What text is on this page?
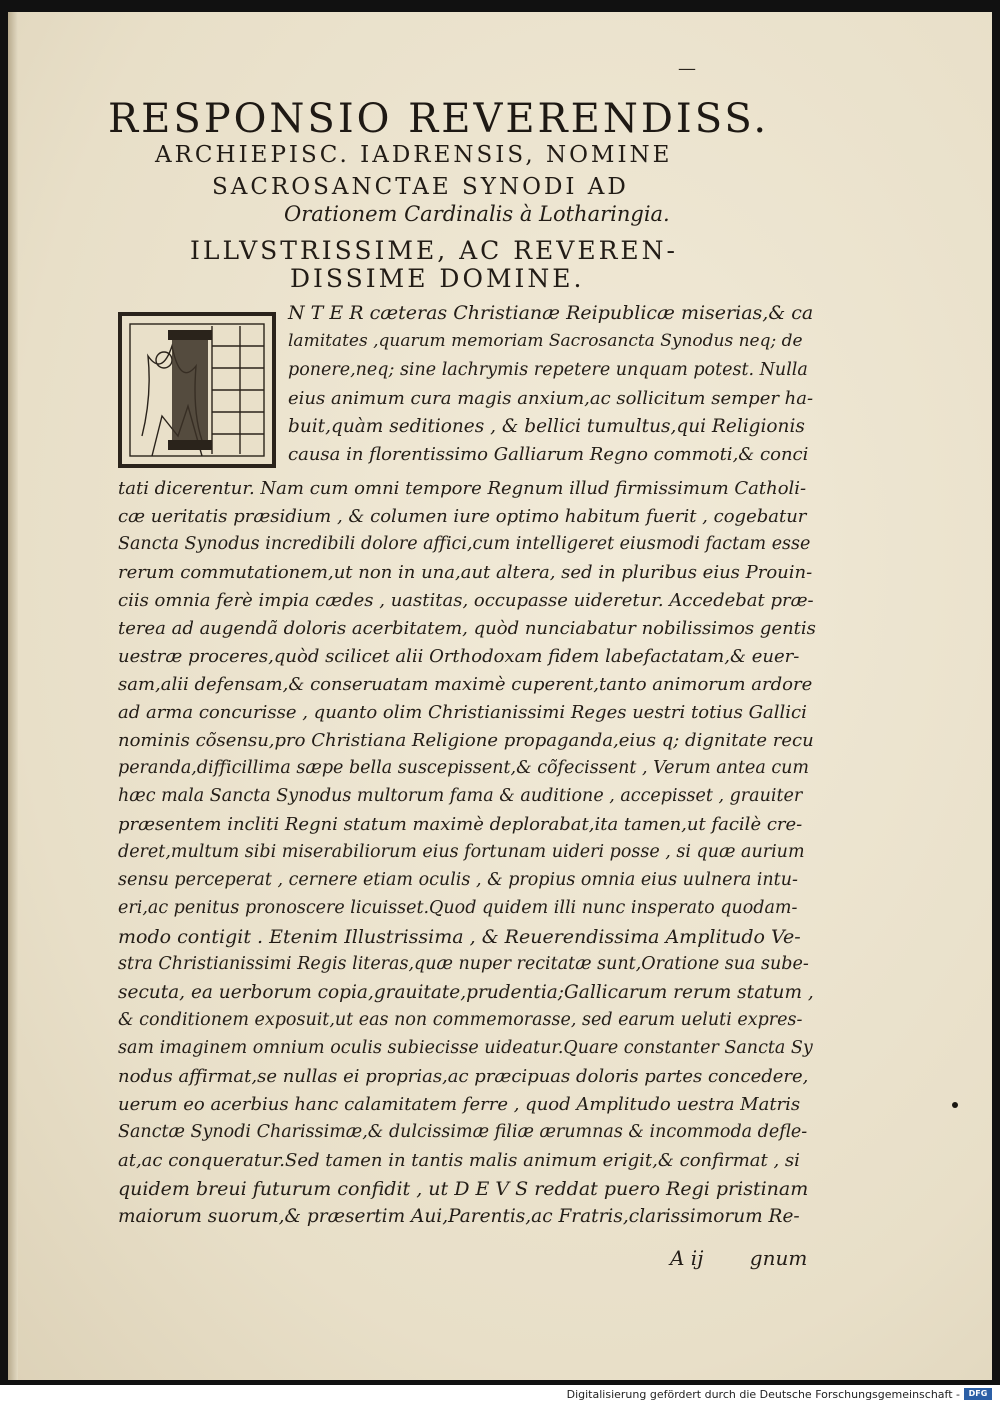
—
RESPONSIO REVERENDISS.
ARCHIEPISC. IADRENSIS, NOMINE
SACROSANCTAE SYNODI AD
Orationem Cardinalis à Lotharingia.
ILLVSTRISSIME, AC REVEREN-
DISSIME DOMINE.
N T E R cæteras Christianæ Reipublicæ miserias,& ca
lamitates ,quarum memoriam Sacrosancta Synodus neq; de
ponere,neq; sine lachrymis repetere unquam potest. Nulla
eius animum cura magis anxium,ac sollicitum semper ha-
buit,quàm seditiones , & bellici tumultus,qui Religionis
causa in florentissimo Galliarum Regno commoti,& conci
tati dicerentur. Nam cum omni tempore Regnum illud firmissimum Catholi-
cæ ueritatis præsidium , & columen iure optimo habitum fuerit , cogebatur
Sancta Synodus incredibili dolore affici,cum intelligeret eiusmodi factam esse
rerum commutationem,ut non in una,aut altera, sed in pluribus eius Prouin-
ciis omnia ferè impia cædes , uastitas, occupasse uideretur. Accedebat præ-
terea ad augendã doloris acerbitatem, quòd nunciabatur nobilissimos gentis
uestræ proceres,quòd scilicet alii Orthodoxam fidem labefactatam,& euer-
sam,alii defensam,& conseruatam maximè cuperent,tanto animorum ardore
ad arma concurisse , quanto olim Christianissimi Reges uestri totius Gallici
nominis cõsensu,pro Christiana Religione propaganda,eius q; dignitate recu
peranda,difficillima sæpe bella suscepissent,& cõfecissent , Verum antea cum
hæc mala Sancta Synodus multorum fama & auditione , accepisset , grauiter
præsentem incliti Regni statum maximè deplorabat,ita tamen,ut facilè cre-
deret,multum sibi miserabiliorum eius fortunam uideri posse , si quæ aurium
sensu perceperat , cernere etiam oculis , & propius omnia eius uulnera intu-
eri,ac penitus pronoscere licuisset.Quod quidem illi nunc insperato quodam-
modo contigit . Etenim Illustrissima , & Reuerendissima Amplitudo Ve-
stra Christianissimi Regis literas,quæ nuper recitatæ sunt,Oratione sua sube-
secuta, ea uerborum copia,grauitate,prudentia;Gallicarum rerum statum ,
& conditionem exposuit,ut eas non commemorasse, sed earum ueluti expres-
sam imaginem omnium oculis subiecisse uideatur.Quare constanter Sancta Sy
nodus affirmat,se nullas ei proprias,ac præcipuas doloris partes concedere,
uerum eo acerbius hanc calamitatem ferre , quod Amplitudo uestra Matris
Sanctæ Synodi Charissimæ,& dulcissimæ filiæ ærumnas & incommoda defle-
at,ac conqueratur.Sed tamen in tantis malis animum erigit,& confirmat , si
quidem breui futurum confidit , ut D E V S reddat puero Regi pristinam
maiorum suorum,& præsertim Aui,Parentis,ac Fratris,clarissimorum Re-
A ij gnum
Digitalisierung gefördert durch die Deutsche Forschungsgemeinschaft -	DFG
